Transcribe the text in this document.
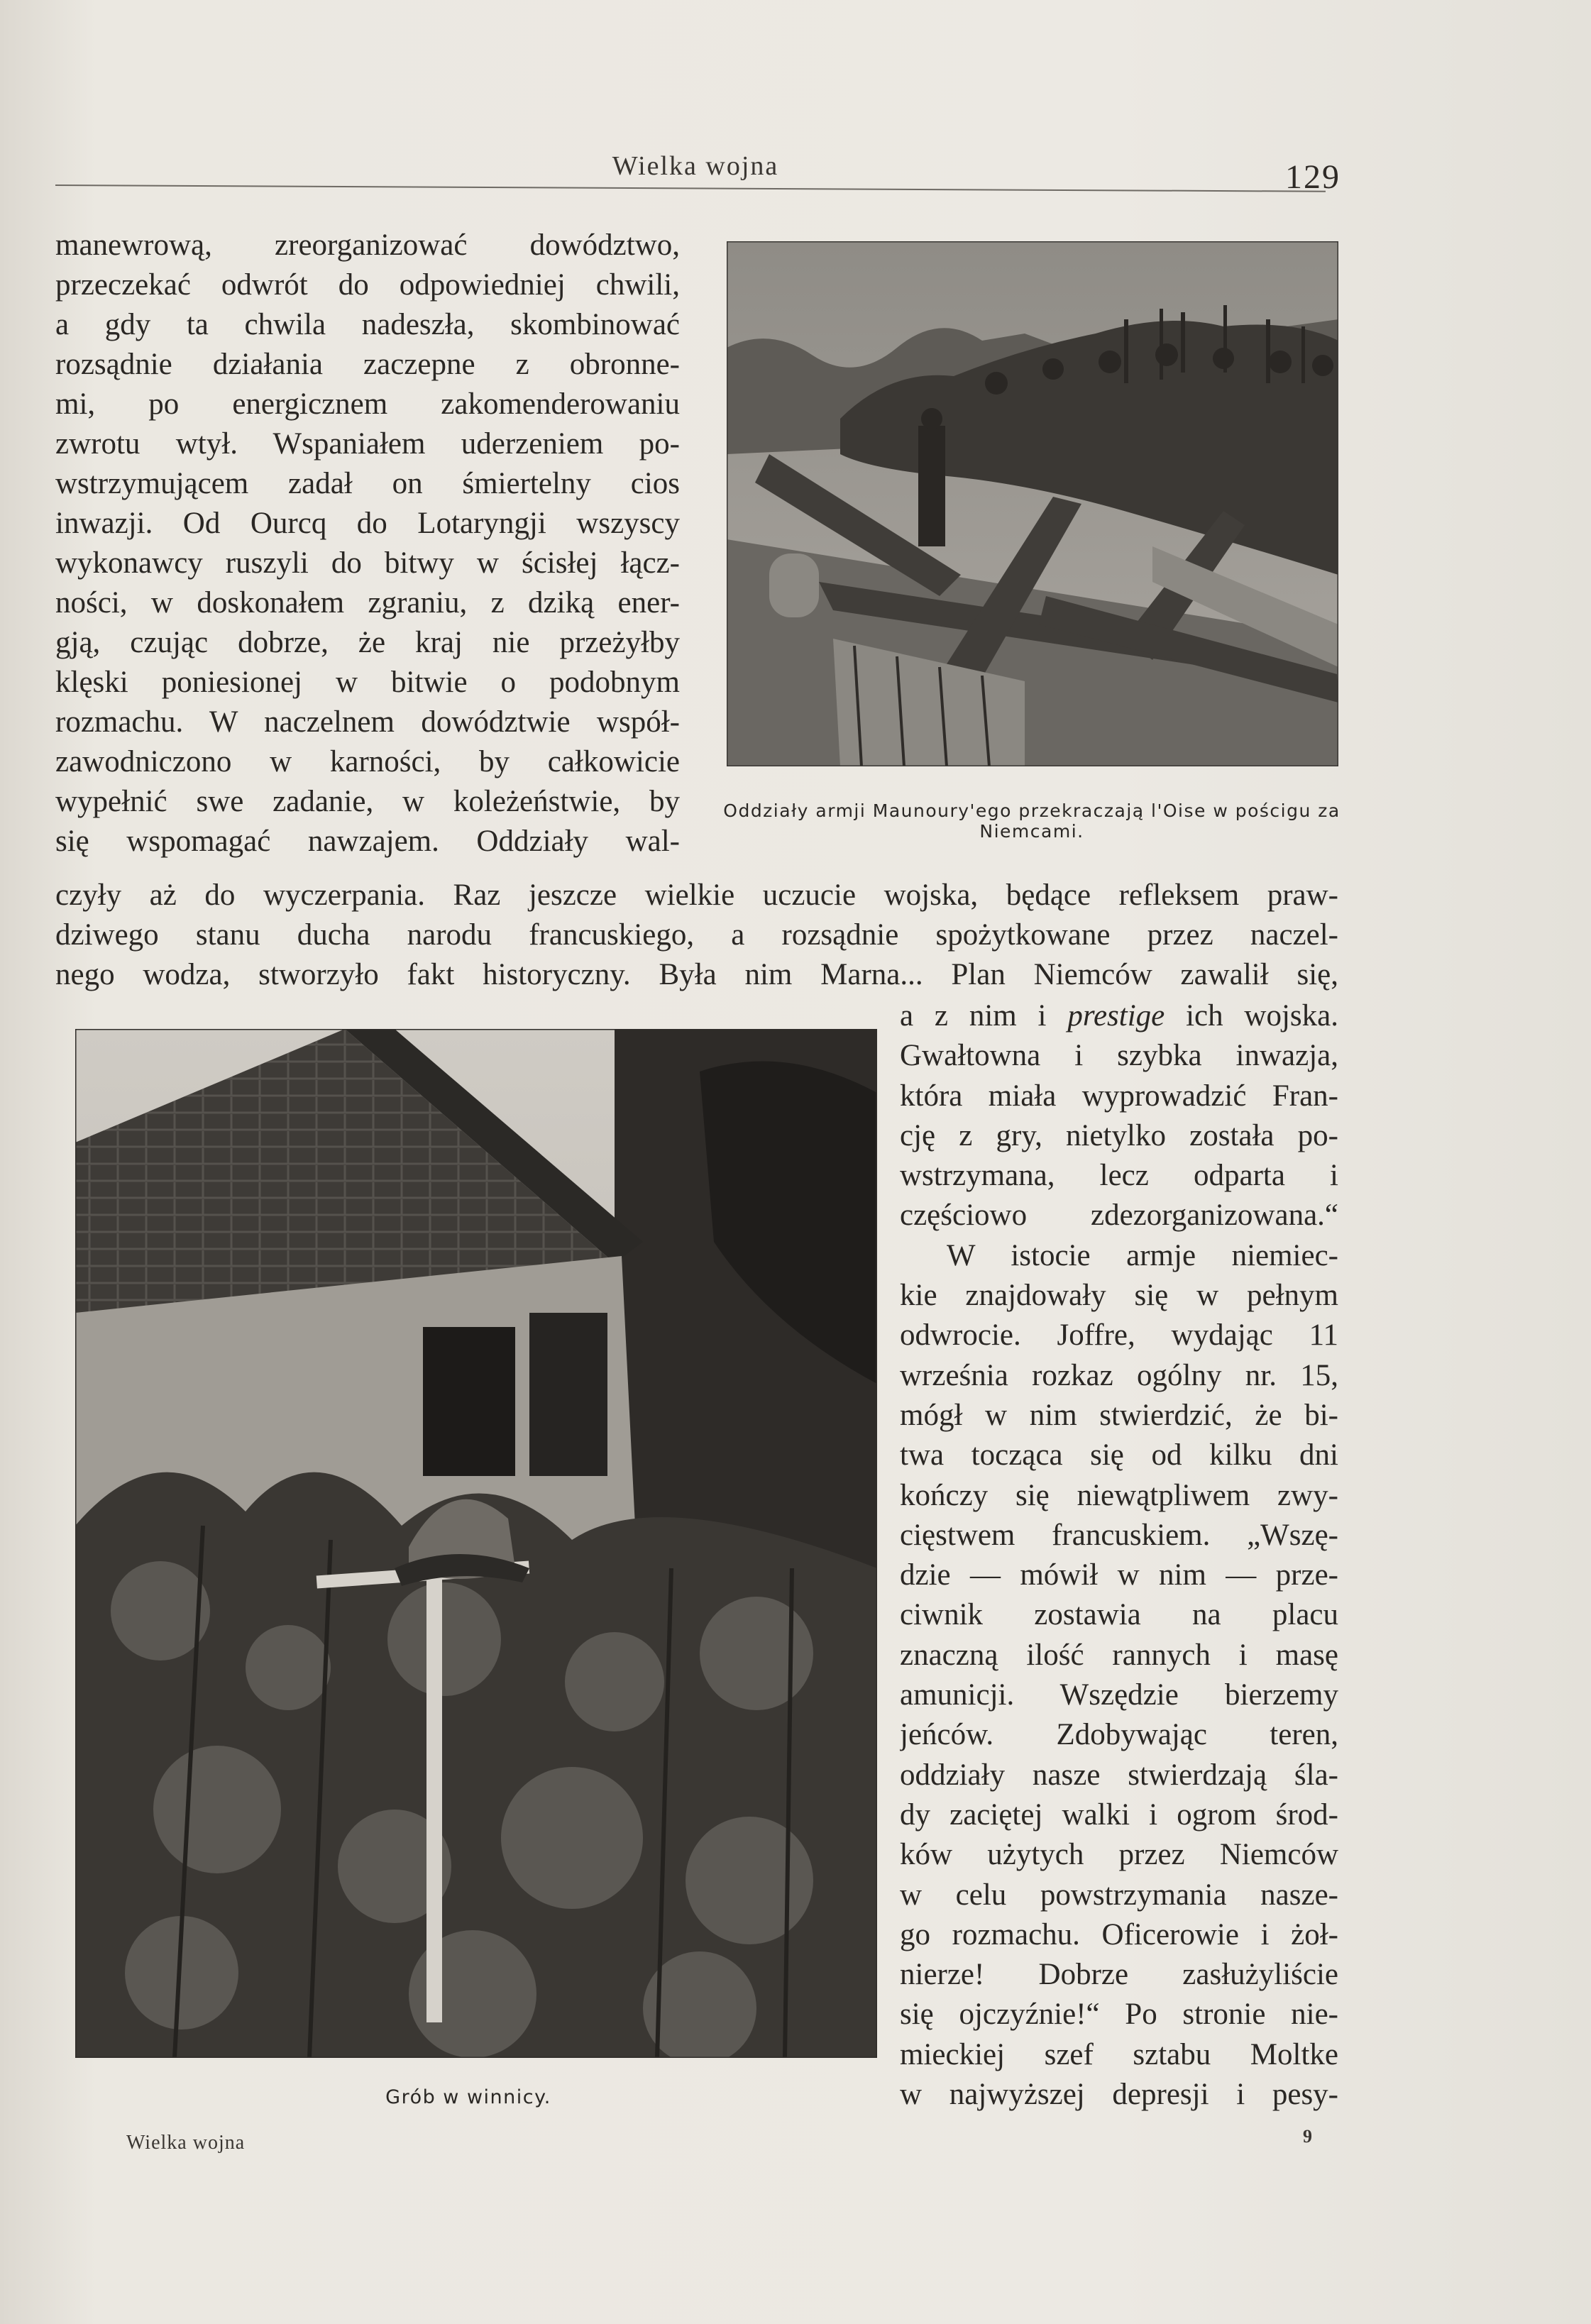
Wielka wojna	129
manewrową, zreorganizować dowództwo,
przeczekać odwrót do odpowiedniej chwili,
a gdy ta chwila nadeszła, skombinować
rozsądnie działania zaczepne z obronne-
mi, po energicznem zakomenderowaniu
zwrotu wtył. Wspaniałem uderzeniem po-
wstrzymującem zadał on śmiertelny cios
inwazji. Od Ourcq do Lotaryngji wszyscy
wykonawcy ruszyli do bitwy w ścisłej łącz-
ności, w doskonałem zgraniu, z dziką ener-
gją, czując dobrze, że kraj nie przeżyłby
klęski poniesionej w bitwie o podobnym
rozmachu. W naczelnem dowództwie współ-
zawodniczono w karności, by całkowicie
wypełnić swe zadanie, w koleżeństwie, by
się wspomagać nawzajem. Oddziały wal-
Oddziały armji Maunoury'ego przekraczają l'Oise w pościgu za
Niemcami.
czyły aż do wyczerpania. Raz jeszcze wielkie uczucie wojska, będące refleksem praw-
dziwego stanu ducha narodu francuskiego, a rozsądnie spożytkowane przez naczel-
nego wodza, stworzyło fakt historyczny. Była nim Marna... Plan Niemców zawalił się,
Grób w winnicy.
a z nim i prestige ich wojska.
Gwałtowna i szybka inwazja,
która miała wyprowadzić Fran-
cję z gry, nietylko została po-
wstrzymana, lecz odparta i
częściowo zdezorganizowana.“
W istocie armje niemiec-
kie znajdowały się w pełnym
odwrocie. Joffre, wydając 11
września rozkaz ogólny nr. 15,
mógł w nim stwierdzić, że bi-
twa tocząca się od kilku dni
kończy się niewątpliwem zwy-
cięstwem francuskiem. „Wszę-
dzie — mówił w nim — prze-
ciwnik zostawia na placu
znaczną ilość rannych i masę
amunicji. Wszędzie bierzemy
jeńców. Zdobywając teren,
oddziały nasze stwierdzają śla-
dy zaciętej walki i ogrom środ-
ków użytych przez Niemców
w celu powstrzymania nasze-
go rozmachu. Oficerowie i żoł-
nierze! Dobrze zasłużyliście
się ojczyźnie!“ Po stronie nie-
mieckiej szef sztabu Moltke
w najwyższej depresji i pesy-
Wielka wojna	9
